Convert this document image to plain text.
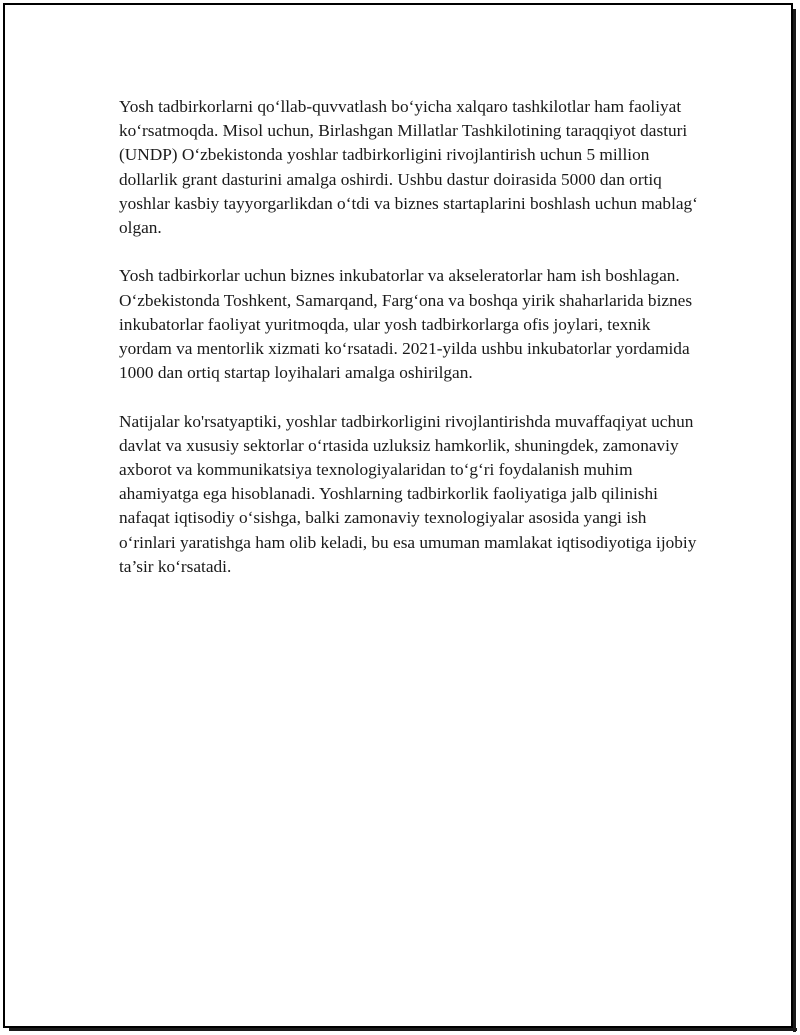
Yosh tadbirkorlarni qo‘llab-quvvatlash bo‘yicha xalqaro tashkilotlar ham faoliyat ko‘rsatmoqda. Misol uchun, Birlashgan Millatlar Tashkilotining taraqqiyot dasturi (UNDP) O‘zbekistonda yoshlar tadbirkorligini rivojlantirish uchun 5 million dollarlik grant dasturini amalga oshirdi. Ushbu dastur doirasida 5000 dan ortiq yoshlar kasbiy tayyorgarlikdan o‘tdi va biznes startaplarini boshlash uchun mablag‘ olgan.

Yosh tadbirkorlar uchun biznes inkubatorlar va akseleratorlar ham ish boshlagan. O‘zbekistonda Toshkent, Samarqand, Farg‘ona va boshqa yirik shaharlarida biznes inkubatorlar faoliyat yuritmoqda, ular yosh tadbirkorlarga ofis joylari, texnik yordam va mentorlik xizmati ko‘rsatadi. 2021-yilda ushbu inkubatorlar yordamida 1000 dan ortiq startap loyihalari amalga oshirilgan.

Natijalar ko'rsatyaptiki, yoshlar tadbirkorligini rivojlantirishda muvaffaqiyat uchun davlat va xususiy sektorlar o‘rtasida uzluksiz hamkorlik, shuningdek, zamonaviy axborot va kommunikatsiya texnologiyalaridan to‘g‘ri foydalanish muhim ahamiyatga ega hisoblanadi. Yoshlarning tadbirkorlik faoliyatiga jalb qilinishi nafaqat iqtisodiy o‘sishga, balki zamonaviy texnologiyalar asosida yangi ish o‘rinlari yaratishga ham olib keladi, bu esa umuman mamlakat iqtisodiyotiga ijobiy ta’sir ko‘rsatadi.
